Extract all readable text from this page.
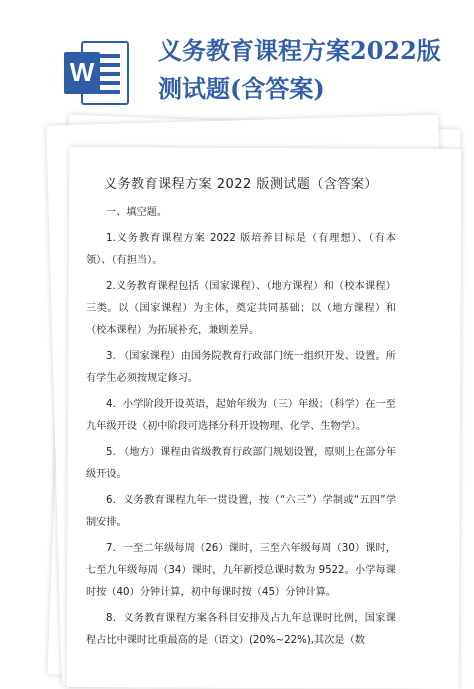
W
义务教育课程方案2022版
测试题(含答案)
义务教育课程方案 2022 版测试题（含答案）
一、填空题。
1.义务教育课程方案 2022 版培养目标是（有理想）、（有本领）、（有担当）。
2.义务教育课程包括（国家课程）、（地方课程）和（校本课程）三类。以（国家课程）为主体，奠定共同基础；以（地方课程）和（校本课程）为拓展补充，兼顾差异。
3. （国家课程）由国务院教育行政部门统一组织开发、设置。所有学生必须按规定修习。
4．小学阶段开设英语，起始年级为（三）年级；（科学）在一至九年级开设（初中阶段可选择分科开设物理、化学、生物学）。
5. （地方）课程由省级教育行政部门规划设置，原则上在部分年级开设。
6．义务教育课程九年一贯设置，按（“六三”）学制或“五四”学制安排。
7．一至二年级每周（26）课时，三至六年级每周（30）课时，七至九年级每周（34）课时，九年新授总课时数为 9522。小学每课时按（40）分钟计算，初中每课时按（45）分钟计算。
8．义务教育课程方案各科目安排及占九年总课时比例，国家课程占比中课时比重最高的是（语文）(20%~22%),其次是（数
